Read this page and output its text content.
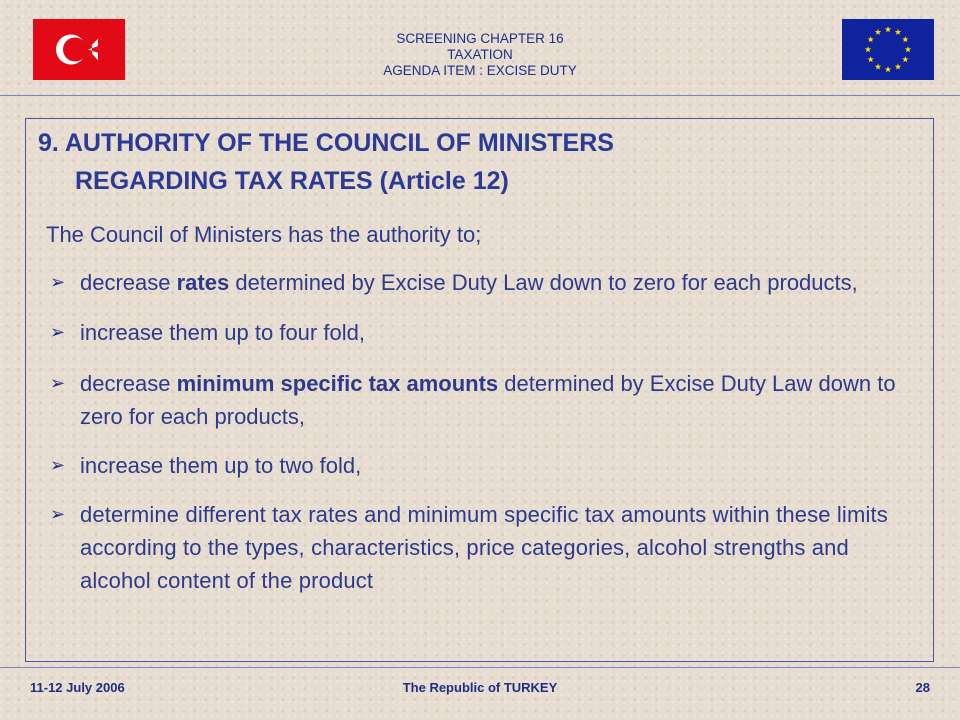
SCREENING CHAPTER 16
TAXATION
AGENDA ITEM : EXCISE DUTY
9. AUTHORITY OF THE COUNCIL OF MINISTERS
REGARDING TAX RATES (Article 12)
The Council of Ministers has the authority to;
➢ decrease rates determined by Excise Duty Law down to zero for each products,
➢ increase them up to four fold,
➢ decrease minimum specific tax amounts determined by Excise Duty Law down to zero for each products,
➢ increase them up to two fold,
➢ determine different tax rates and minimum specific tax amounts within these limits according to the types, characteristics, price categories, alcohol strengths and alcohol content of the product
11-12 July 2006	The Republic of TURKEY	28
